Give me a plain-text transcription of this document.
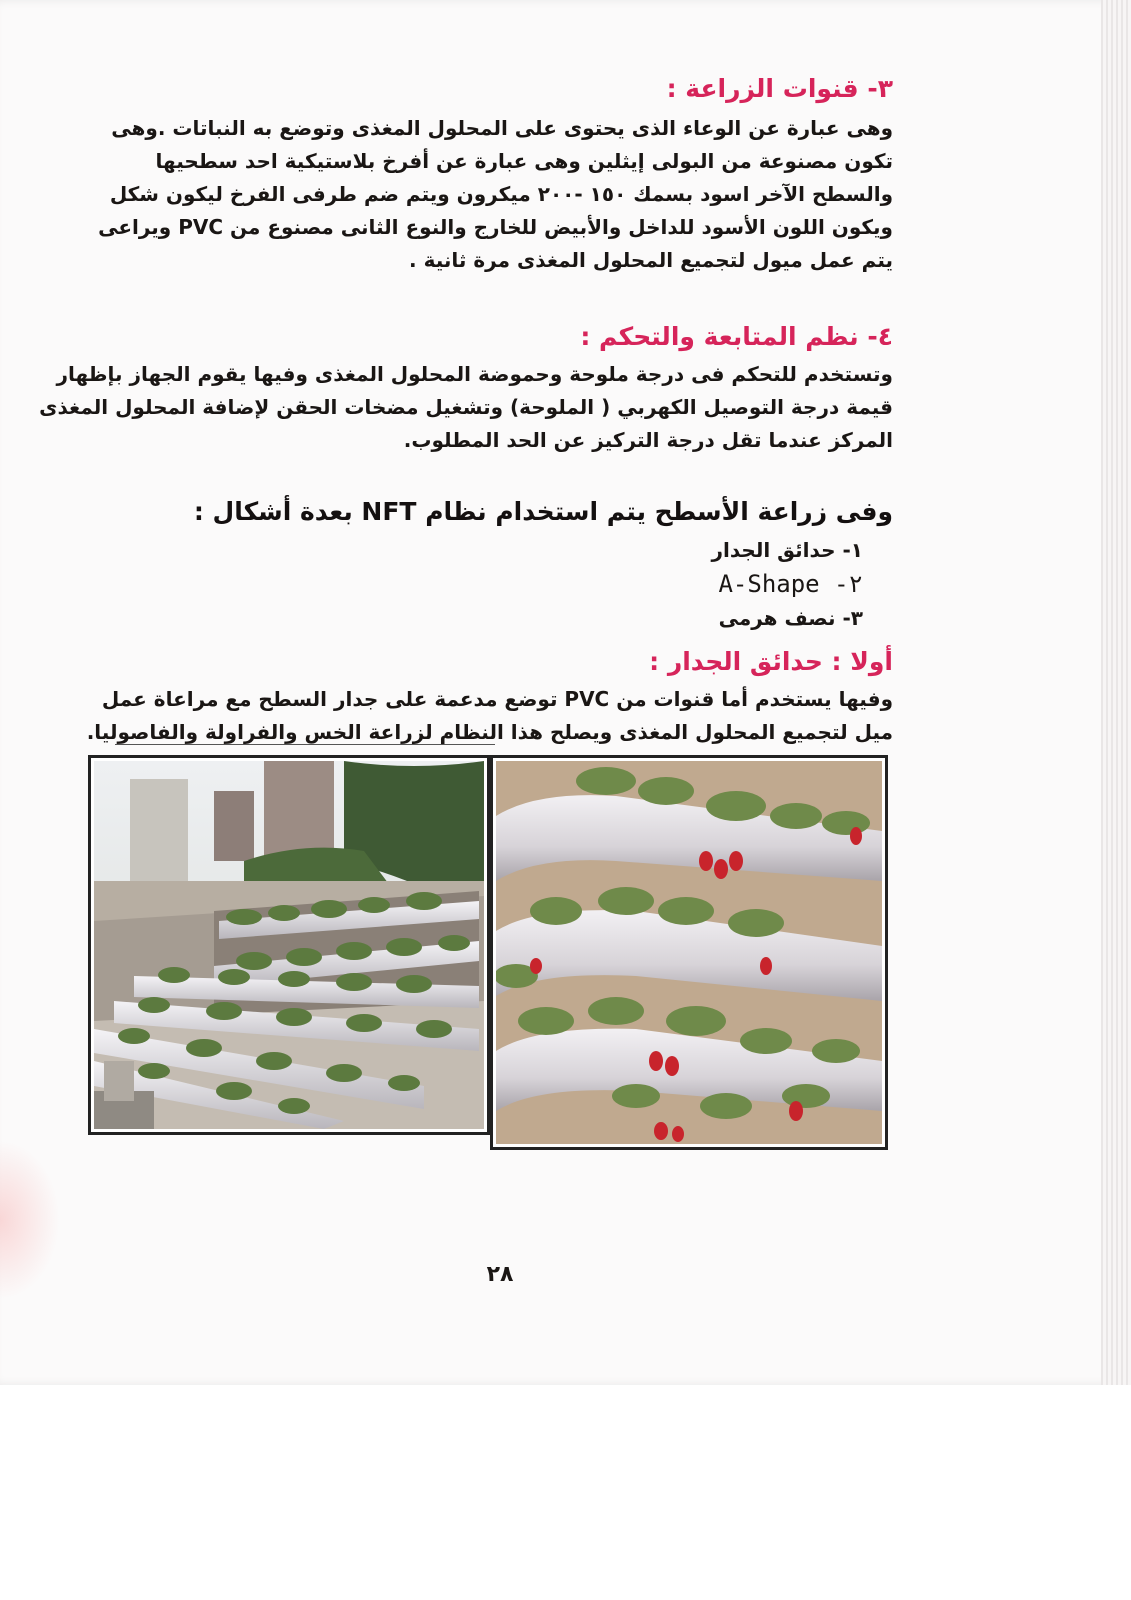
٣- قنوات الزراعة :

وهى عبارة عن الوعاء الذى يحتوى على المحلول المغذى وتوضع به النباتات .وهى

تكون مصنوعة من البولى إيثلين وهى عبارة عن أفرخ بلاستيكية احد سطحيها

والسطح الآخر اسود بسمك ١٥٠ -٢٠٠ ميكرون ويتم ضم طرفى الفرخ ليكون شكل

ويكون اللون الأسود للداخل والأبيض للخارج والنوع الثانى مصنوع من PVC ويراعى

يتم عمل ميول لتجميع المحلول المغذى مرة ثانية .

٤- نظم المتابعة والتحكم :

وتستخدم للتحكم فى درجة ملوحة وحموضة المحلول المغذى وفيها يقوم الجهاز بإظهار

قيمة درجة التوصيل الكهربي ( الملوحة) وتشغيل مضخات الحقن لإضافة المحلول المغذى

المركز عندما تقل درجة التركيز عن الحد المطلوب.

وفى زراعة الأسطح يتم استخدام نظام NFT بعدة أشكال :

١- حدائق الجدار

٢- A-Shape

٣- نصف هرمى

أولا : حدائق الجدار :

وفيها يستخدم أما قنوات من PVC توضع مدعمة على جدار السطح مع مراعاة عمل

ميل لتجميع المحلول المغذى ويصلح هذا النظام لزراعة الخس والفراولة والفاصوليا.

٢٨
